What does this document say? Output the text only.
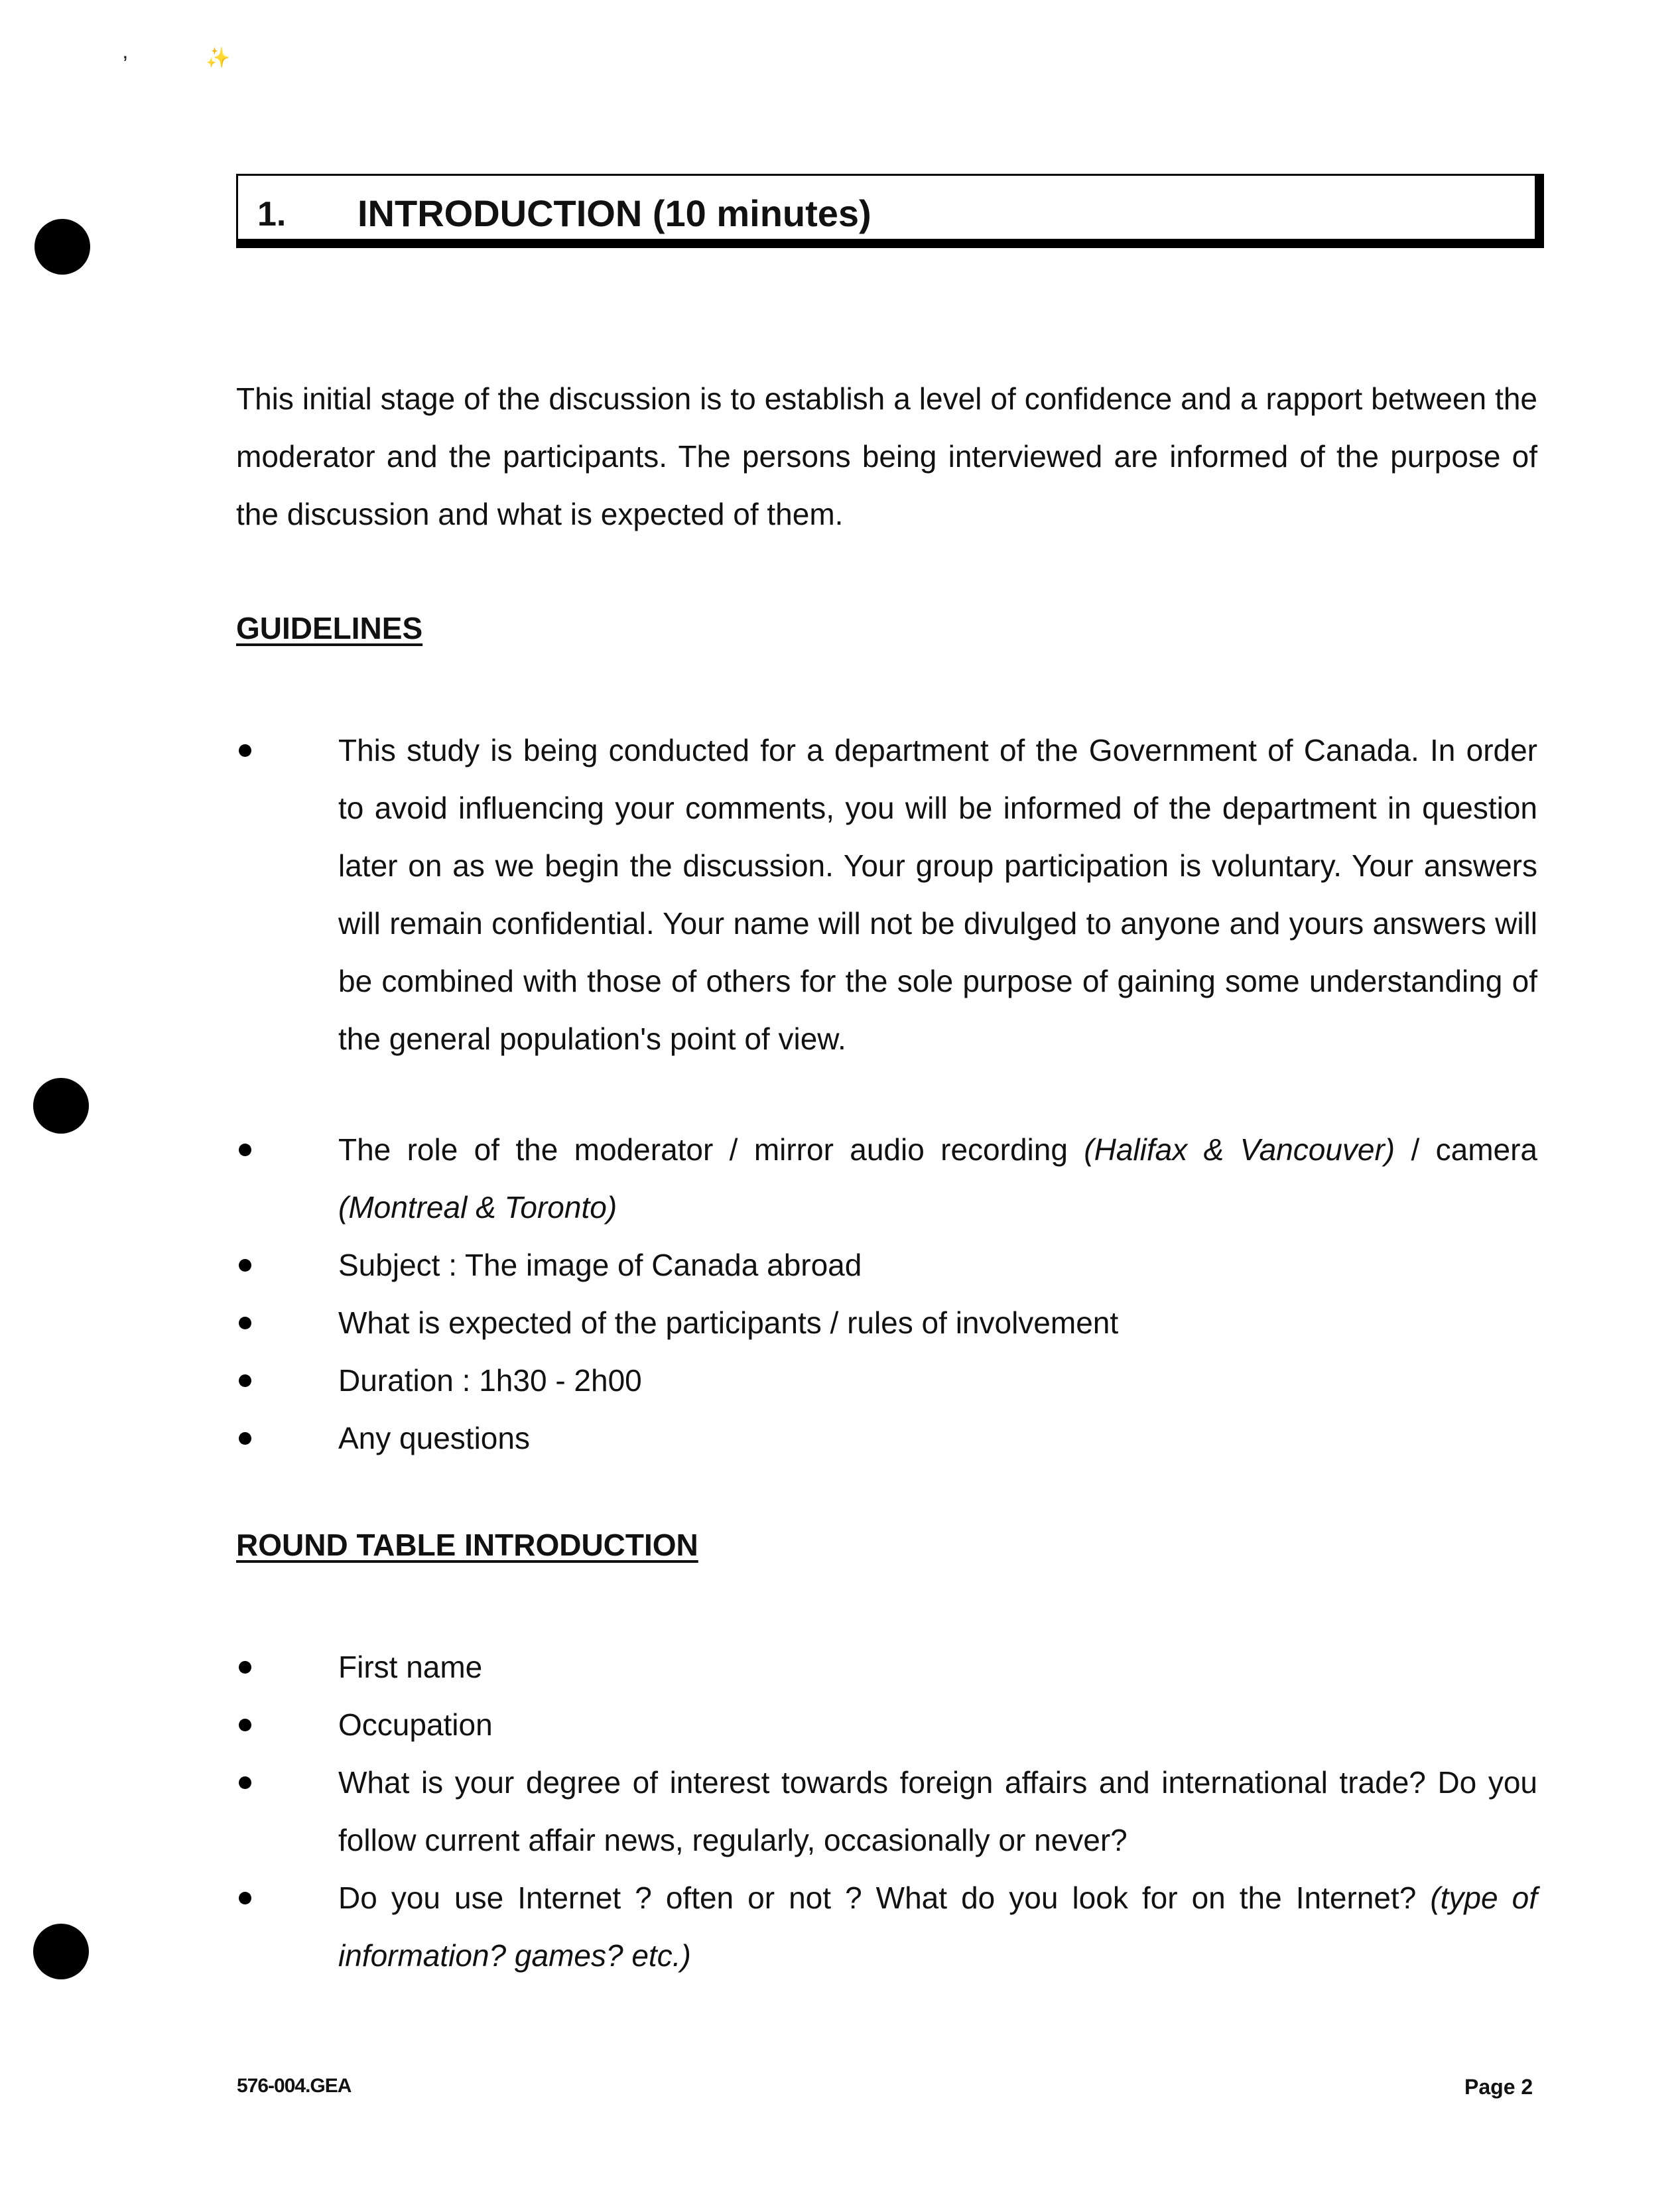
’	✨
1. INTRODUCTION (10 minutes)

This initial stage of the discussion is to establish a level of confidence and a rapport between the moderator and the participants. The persons being interviewed are informed of the purpose of the discussion and what is expected of them.

GUIDELINES
This study is being conducted for a department of the Government of Canada. In order to avoid influencing your comments, you will be informed of the department in question later on as we begin the discussion. Your group participation is voluntary. Your answers will remain confidential. Your name will not be divulged to anyone and yours answers will be combined with those of others for the sole purpose of gaining some understanding of the general population's point of view.
The role of the moderator / mirror audio recording (Halifax & Vancouver) / camera (Montreal & Toronto)
Subject : The image of Canada abroad
What is expected of the participants / rules of involvement
Duration : 1h30 - 2h00
Any questions
ROUND TABLE INTRODUCTION
First name
Occupation
What is your degree of interest towards foreign affairs and international trade? Do you follow current affair news, regularly, occasionally or never?
Do you use Internet ? often or not ? What do you look for on the Internet? (type of information? games? etc.)
576-004.GEA	Page 2
